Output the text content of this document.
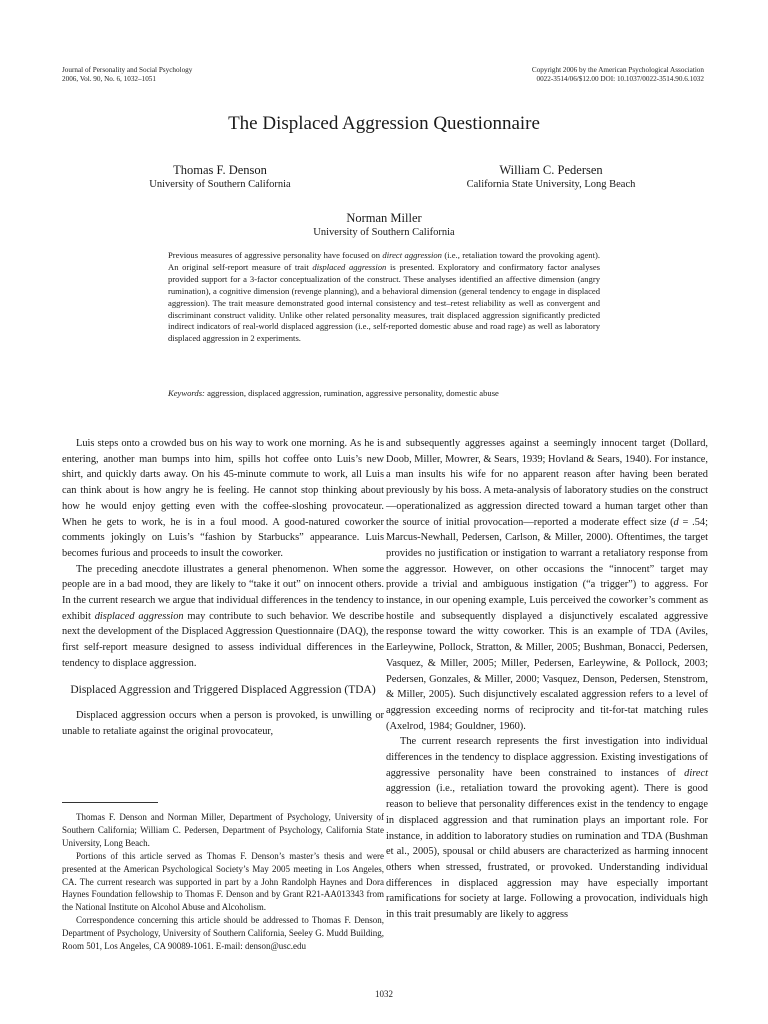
Journal of Personality and Social Psychology
2006, Vol. 90, No. 6, 1032–1051
Copyright 2006 by the American Psychological Association
0022-3514/06/$12.00 DOI: 10.1037/0022-3514.90.6.1032
The Displaced Aggression Questionnaire
Thomas F. Denson
University of Southern California
William C. Pedersen
California State University, Long Beach
Norman Miller
University of Southern California

Previous measures of aggressive personality have focused on direct aggression (i.e., retaliation toward the provoking agent). An original self-report measure of trait displaced aggression is presented. Exploratory and confirmatory factor analyses provided support for a 3-factor conceptualization of the construct. These analyses identified an affective dimension (angry rumination), a cognitive dimension (revenge planning), and a behavioral dimension (general tendency to engage in displaced aggression). The trait measure demonstrated good internal consistency and test–retest reliability as well as convergent and discriminant construct validity. Unlike other related personality measures, trait displaced aggression significantly predicted indirect indicators of real-world displaced aggression (i.e., self-reported domestic abuse and road rage) as well as laboratory displaced aggression in 2 experiments.

Keywords: aggression, displaced aggression, rumination, aggressive personality, domestic abuse

Luis steps onto a crowded bus on his way to work one morning. As he is entering, another man bumps into him, spills hot coffee onto Luis’s new shirt, and quickly darts away. On his 45-minute commute to work, all Luis can think about is how angry he is feeling. He cannot stop thinking about how he would enjoy getting even with the coffee-sloshing provocateur. When he gets to work, he is in a foul mood. A good-natured coworker comments jokingly on Luis’s “fashion by Starbucks” appearance. Luis becomes furious and proceeds to insult the coworker.

The preceding anecdote illustrates a general phenomenon. When some people are in a bad mood, they are likely to “take it out” on innocent others. In the current research we argue that individual differences in the tendency to exhibit displaced aggression may contribute to such behavior. We describe next the development of the Displaced Aggression Questionnaire (DAQ), the first self-report measure designed to assess individual differences in the tendency to displace aggression.

Displaced Aggression and Triggered Displaced Aggression (TDA)

Displaced aggression occurs when a person is provoked, is unwilling or unable to retaliate against the original provocateur,

Thomas F. Denson and Norman Miller, Department of Psychology, University of Southern California; William C. Pedersen, Department of Psychology, California State University, Long Beach.

Portions of this article served as Thomas F. Denson’s master’s thesis and were presented at the American Psychological Society’s May 2005 meeting in Los Angeles, CA. The current research was supported in part by a John Randolph Haynes and Dora Haynes Foundation fellowship to Thomas F. Denson and by Grant R21-AA013343 from the National Institute on Alcohol Abuse and Alcoholism.

Correspondence concerning this article should be addressed to Thomas F. Denson, Department of Psychology, University of Southern California, Seeley G. Mudd Building, Room 501, Los Angeles, CA 90089-1061. E-mail: denson@usc.edu

and subsequently aggresses against a seemingly innocent target (Dollard, Doob, Miller, Mowrer, & Sears, 1939; Hovland & Sears, 1940). For instance, a man insults his wife for no apparent reason after having been berated previously by his boss. A meta-analysis of laboratory studies on the construct—operationalized as aggression directed toward a human target other than the source of initial provocation—reported a moderate effect size (d = .54; Marcus-Newhall, Pedersen, Carlson, & Miller, 2000). Oftentimes, the target provides no justification or instigation to warrant a retaliatory response from the aggressor. However, on other occasions the “innocent” target may provide a trivial and ambiguous instigation (“a trigger”) to aggress. For instance, in our opening example, Luis perceived the coworker’s comment as hostile and subsequently displayed a disjunctively escalated aggressive response toward the witty coworker. This is an example of TDA (Aviles, Earleywine, Pollock, Stratton, & Miller, 2005; Bushman, Bonacci, Pedersen, Vasquez, & Miller, 2005; Miller, Pedersen, Earleywine, & Pollock, 2003; Pedersen, Gonzales, & Miller, 2000; Vasquez, Denson, Pedersen, Stenstrom, & Miller, 2005). Such disjunctively escalated aggression refers to a level of aggression exceeding norms of reciprocity and tit-for-tat matching rules (Axelrod, 1984; Gouldner, 1960).

The current research represents the first investigation into individual differences in the tendency to displace aggression. Existing investigations of aggressive personality have been constrained to instances of direct aggression (i.e., retaliation toward the provoking agent). There is good reason to believe that personality differences exist in the tendency to engage in displaced aggression and that rumination plays an important role. For instance, in addition to laboratory studies on rumination and TDA (Bushman et al., 2005), spousal or child abusers are characterized as harming innocent others when stressed, frustrated, or provoked. Understanding individual differences in displaced aggression may have especially important ramifications for society at large. Following a provocation, individuals high in this trait presumably are likely to aggress

1032
